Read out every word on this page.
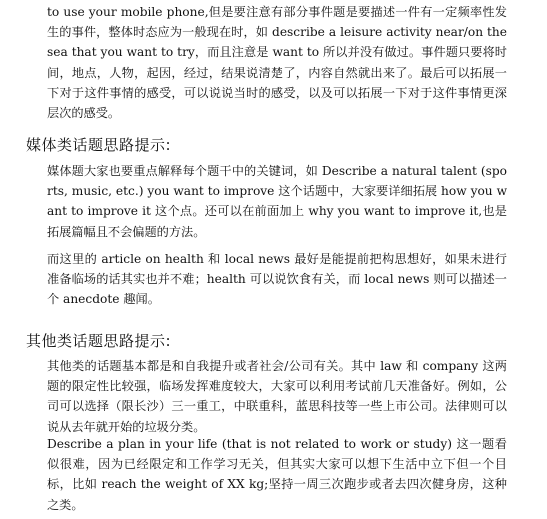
to use your mobile phone,但是要注意有部分事件题是要描述一件有一定频率性发生的事件，整体时态应为一般现在时，如 describe a leisure activity near/on the sea that you want to try，而且注意是 want to 所以并没有做过。事件题只要将时间，地点，人物，起因，经过，结果说清楚了，内容自然就出来了。最后可以拓展一下对于这件事情的感受，可以说说当时的感受，以及可以拓展一下对于这件事情更深层次的感受。

媒体类话题思路提示:

媒体题大家也要重点解释每个题干中的关键词，如 Describe a natural talent (sports, music, etc.) you want to improve 这个话题中，大家要详细拓展 how you want to improve it 这个点。还可以在前面加上 why you want to improve it,也是拓展篇幅且不会偏题的方法。

而这里的 article on health 和 local news 最好是能提前把构思想好，如果未进行准备临场的话其实也并不难；health 可以说饮食有关，而 local news 则可以描述一个 anecdote 趣闻。

其他类话题思路提示:

其他类的话题基本都是和自我提升或者社会/公司有关。其中 law 和 company 这两题的限定性比较强，临场发挥难度较大，大家可以利用考试前几天准备好。例如，公司可以选择（限长沙）三一重工，中联重科，蓝思科技等一些上市公司。法律则可以说从去年就开始的垃圾分类。

Describe a plan in your life (that is not related to work or study) 这一题看似很难，因为已经限定和工作学习无关，但其实大家可以想下生活中立下但一个目标，比如 reach the weight of XX kg;坚持一周三次跑步或者去四次健身房，这种之类。
